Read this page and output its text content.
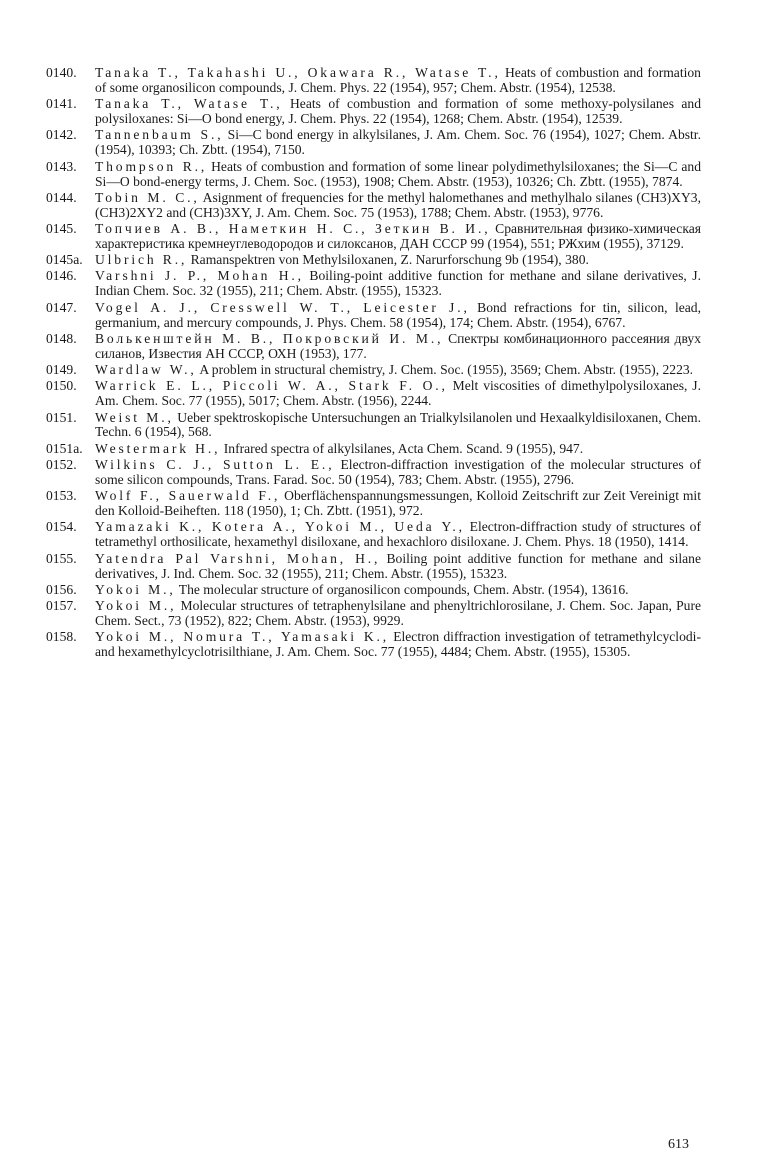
0140.	Tanaka T., Takahashi U., Okawara R., Watase T., Heats of combustion and formation of some organosilicon compounds, J. Chem. Phys. 22 (1954), 957; Chem. Abstr. (1954), 12538.
0141.	Tanaka T., Watase T., Heats of combustion and formation of some methoxy-polysilanes and polysiloxanes: Si—O bond energy, J. Chem. Phys. 22 (1954), 1268; Chem. Abstr. (1954), 12539.
0142.	Tannenbaum S., Si—C bond energy in alkylsilanes, J. Am. Chem. Soc. 76 (1954), 1027; Chem. Abstr. (1954), 10393; Ch. Zbtt. (1954), 7150.
0143.	Thompson R., Heats of combustion and formation of some linear polydimethylsiloxanes; the Si—C and Si—O bond-energy terms, J. Chem. Soc. (1953), 1908; Chem. Abstr. (1953), 10326; Ch. Zbtt. (1955), 7874.
0144.	Tobin M. C., Asignment of frequencies for the methyl halomethanes and methylhalo silanes (CH3)XY3, (CH3)2XY2 and (CH3)3XY, J. Am. Chem. Soc. 75 (1953), 1788; Chem. Abstr. (1953), 9776.
0145.	Топчиев А. В., Наметкин Н. С., Зеткин В. И., Сравнительная физико-химическая характеристика кремнеуглеводородов и силоксанов, ДАН СССР 99 (1954), 551; РЖхим (1955), 37129.
0145a. Ulbrich R., Ramanspektren von Methylsiloxanen, Z. Narurforschung 9b (1954), 380.
0146.	Varshni J. P., Mohan H., Boiling-point additive function for methane and silane derivatives, J. Indian Chem. Soc. 32 (1955), 211; Chem. Abstr. (1955), 15323.
0147.	Vogel A. J., Cresswell W. T., Leicester J., Bond refractions for tin, silicon, lead, germanium, and mercury compounds, J. Phys. Chem. 58 (1954), 174; Chem. Abstr. (1954), 6767.
0148.	Волькенштейн М. В., Покровский И. М., Спектры комбинационного рассеяния двух силанов, Известия АН СССР, ОХН (1953), 177.
0149.	Wardlaw W., A problem in structural chemistry, J. Chem. Soc. (1955), 3569; Chem. Abstr. (1955), 2223.
0150.	Warrick E. L., Piccoli W. A., Stark F. O., Melt viscosities of dimethylpolysiloxanes, J. Am. Chem. Soc. 77 (1955), 5017; Chem. Abstr. (1956), 2244.
0151.	Weist M., Ueber spektroskopische Untersuchungen an Trialkylsilanolen und Hexaalkyldisiloxanen, Chem. Techn. 6 (1954), 568.
0151a. Westermark H., Infrared spectra of alkylsilanes, Acta Chem. Scand. 9 (1955), 947.
0152.	Wilkins C. J., Sutton L. E., Electron-diffraction investigation of the molecular structures of some silicon compounds, Trans. Farad. Soc. 50 (1954), 783; Chem. Abstr. (1955), 2796.
0153.	Wolf F., Sauerwald F., Oberflächenspannungsmessungen, Kolloid Zeitschrift zur Zeit Vereinigt mit den Kolloid-Beiheften. 118 (1950), 1; Ch. Zbtt. (1951), 972.
0154.	Yamazaki K., Kotera A., Yokoi M., Ueda Y., Electron-diffraction study of structures of tetramethyl orthosilicate, hexamethyl disiloxane, and hexachloro disiloxane. J. Chem. Phys. 18 (1950), 1414.
0155.	Yatendra Pal Varshni, Mohan, H., Boiling point additive function for methane and silane derivatives, J. Ind. Chem. Soc. 32 (1955), 211; Chem. Abstr. (1955), 15323.
0156.	Yokoi M., The molecular structure of organosilicon compounds, Chem. Abstr. (1954), 13616.
0157.	Yokoi M., Molecular structures of tetraphenylsilane and phenyltrichlorosilane, J. Chem. Soc. Japan, Pure Chem. Sect., 73 (1952), 822; Chem. Abstr. (1953), 9929.
0158.	Yokoi M., Nomura T., Yamasaki K., Electron diffraction investigation of tetramethylcyclodi- and hexamethylcyclotrisilthiane, J. Am. Chem. Soc. 77 (1955), 4484; Chem. Abstr. (1955), 15305.
613
